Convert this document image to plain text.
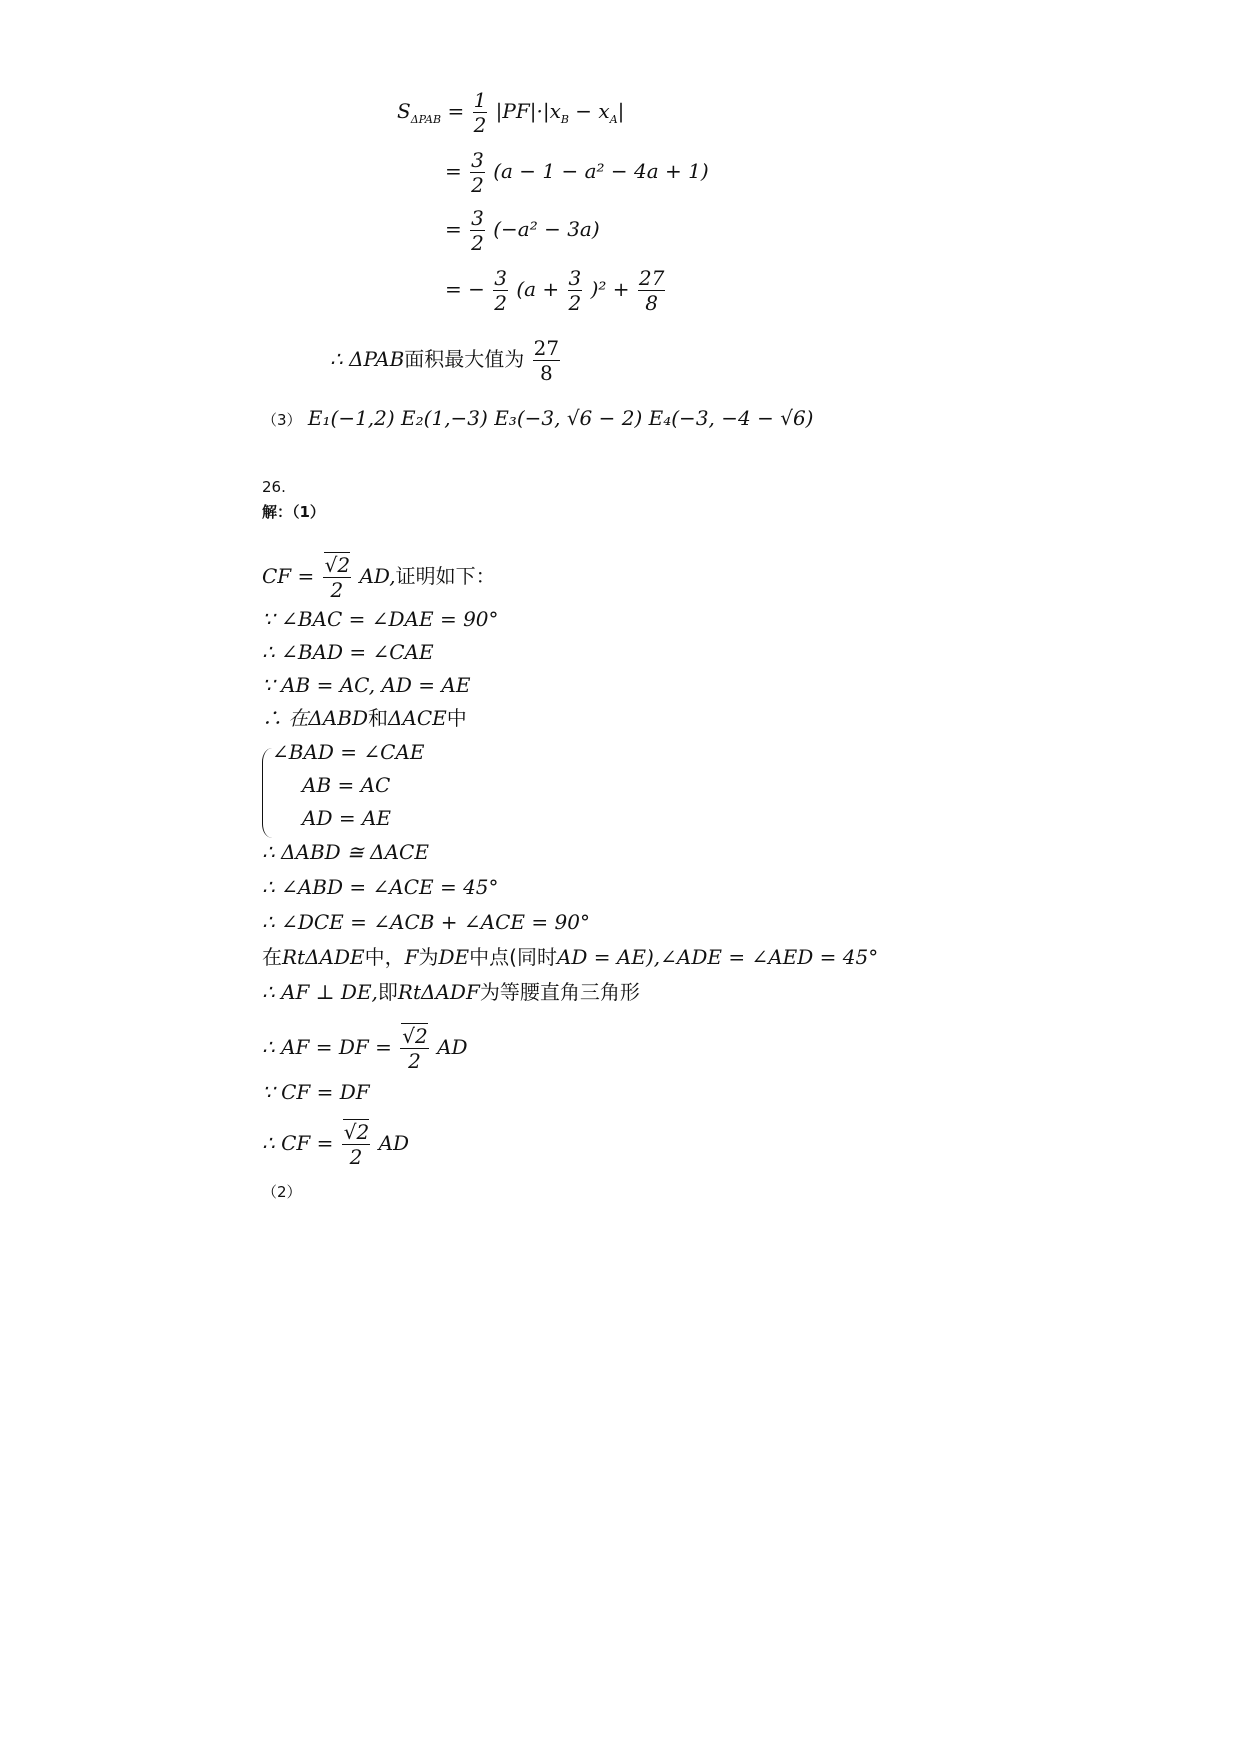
$S_{\Delta PAB} = \frac{1}{2} |PF|\cdot|x_B - x_A|$
= $\frac{3}{2} (a - 1 - a^2 - 4a + 1)$
= $\frac{3}{2} (-a^2 - 3a)$
= − $\frac{3}{2} (a + \frac{3}{2} )^2 + \frac{27}{8}$
∴ ΔPAB面积最大值为 $\frac{27}{8}$
（3） E₁(−1,2) E₂(1,−3) E₃(−3, √6 − 2) E₄(−3, −4 − √6)
26.
解：（1）
CF = $\frac{√2}{2}$ AD,证明如下：
∵ ∠BAC = ∠DAE = 90°
∴ ∠BAD = ∠CAE
∵ AB = AC, AD = AE
∴ 在ΔABD和ΔACE中
∠BAD = ∠CAE
AB = AC
AD = AE
∴ ΔABD ≅ ΔACE
∴ ∠ABD = ∠ACE = 45°
∴ ∠DCE = ∠ACB + ∠ACE = 90°
在RtΔADE中，F为DE中点(同时AD = AE),∠ADE = ∠AED = 45°
∴ AF ⊥ DE,即RtΔADF为等腰直角三角形
∴ AF = DF = $\frac{√2}{2}$ AD
∵ CF = DF
∴ CF = $\frac{√2}{2}$ AD
（2）
